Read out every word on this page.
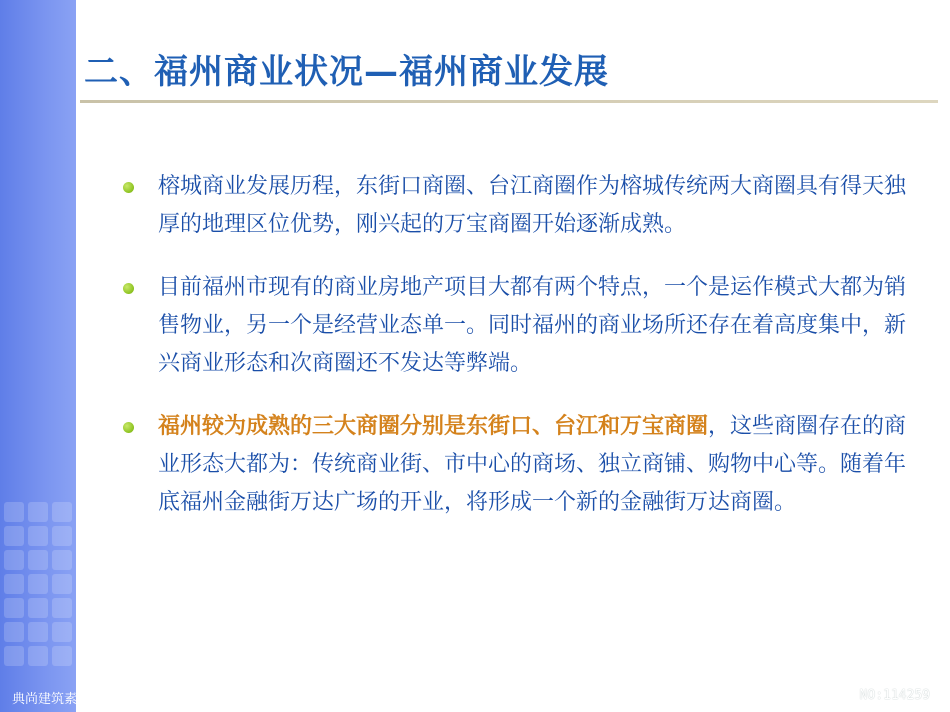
二、福州商业状况—福州商业发展
榕城商业发展历程，东街口商圈、台江商圈作为榕城传统两大商圈具有得天独厚的地理区位优势，刚兴起的万宝商圈开始逐渐成熟。
目前福州市现有的商业房地产项目大都有两个特点，一个是运作模式大都为销售物业，另一个是经营业态单一。同时福州的商业场所还存在着高度集中，新兴商业形态和次商圈还不发达等弊端。
福州较为成熟的三大商圈分别是东街口、台江和万宝商圈，这些商圈存在的商业形态大都为：传统商业街、市中心的商场、独立商铺、购物中心等。随着年底福州金融街万达广场的开业，将形成一个新的金融街万达商圈。
典尚建筑素材网 JZ.JZSC.NET	NO:114259
